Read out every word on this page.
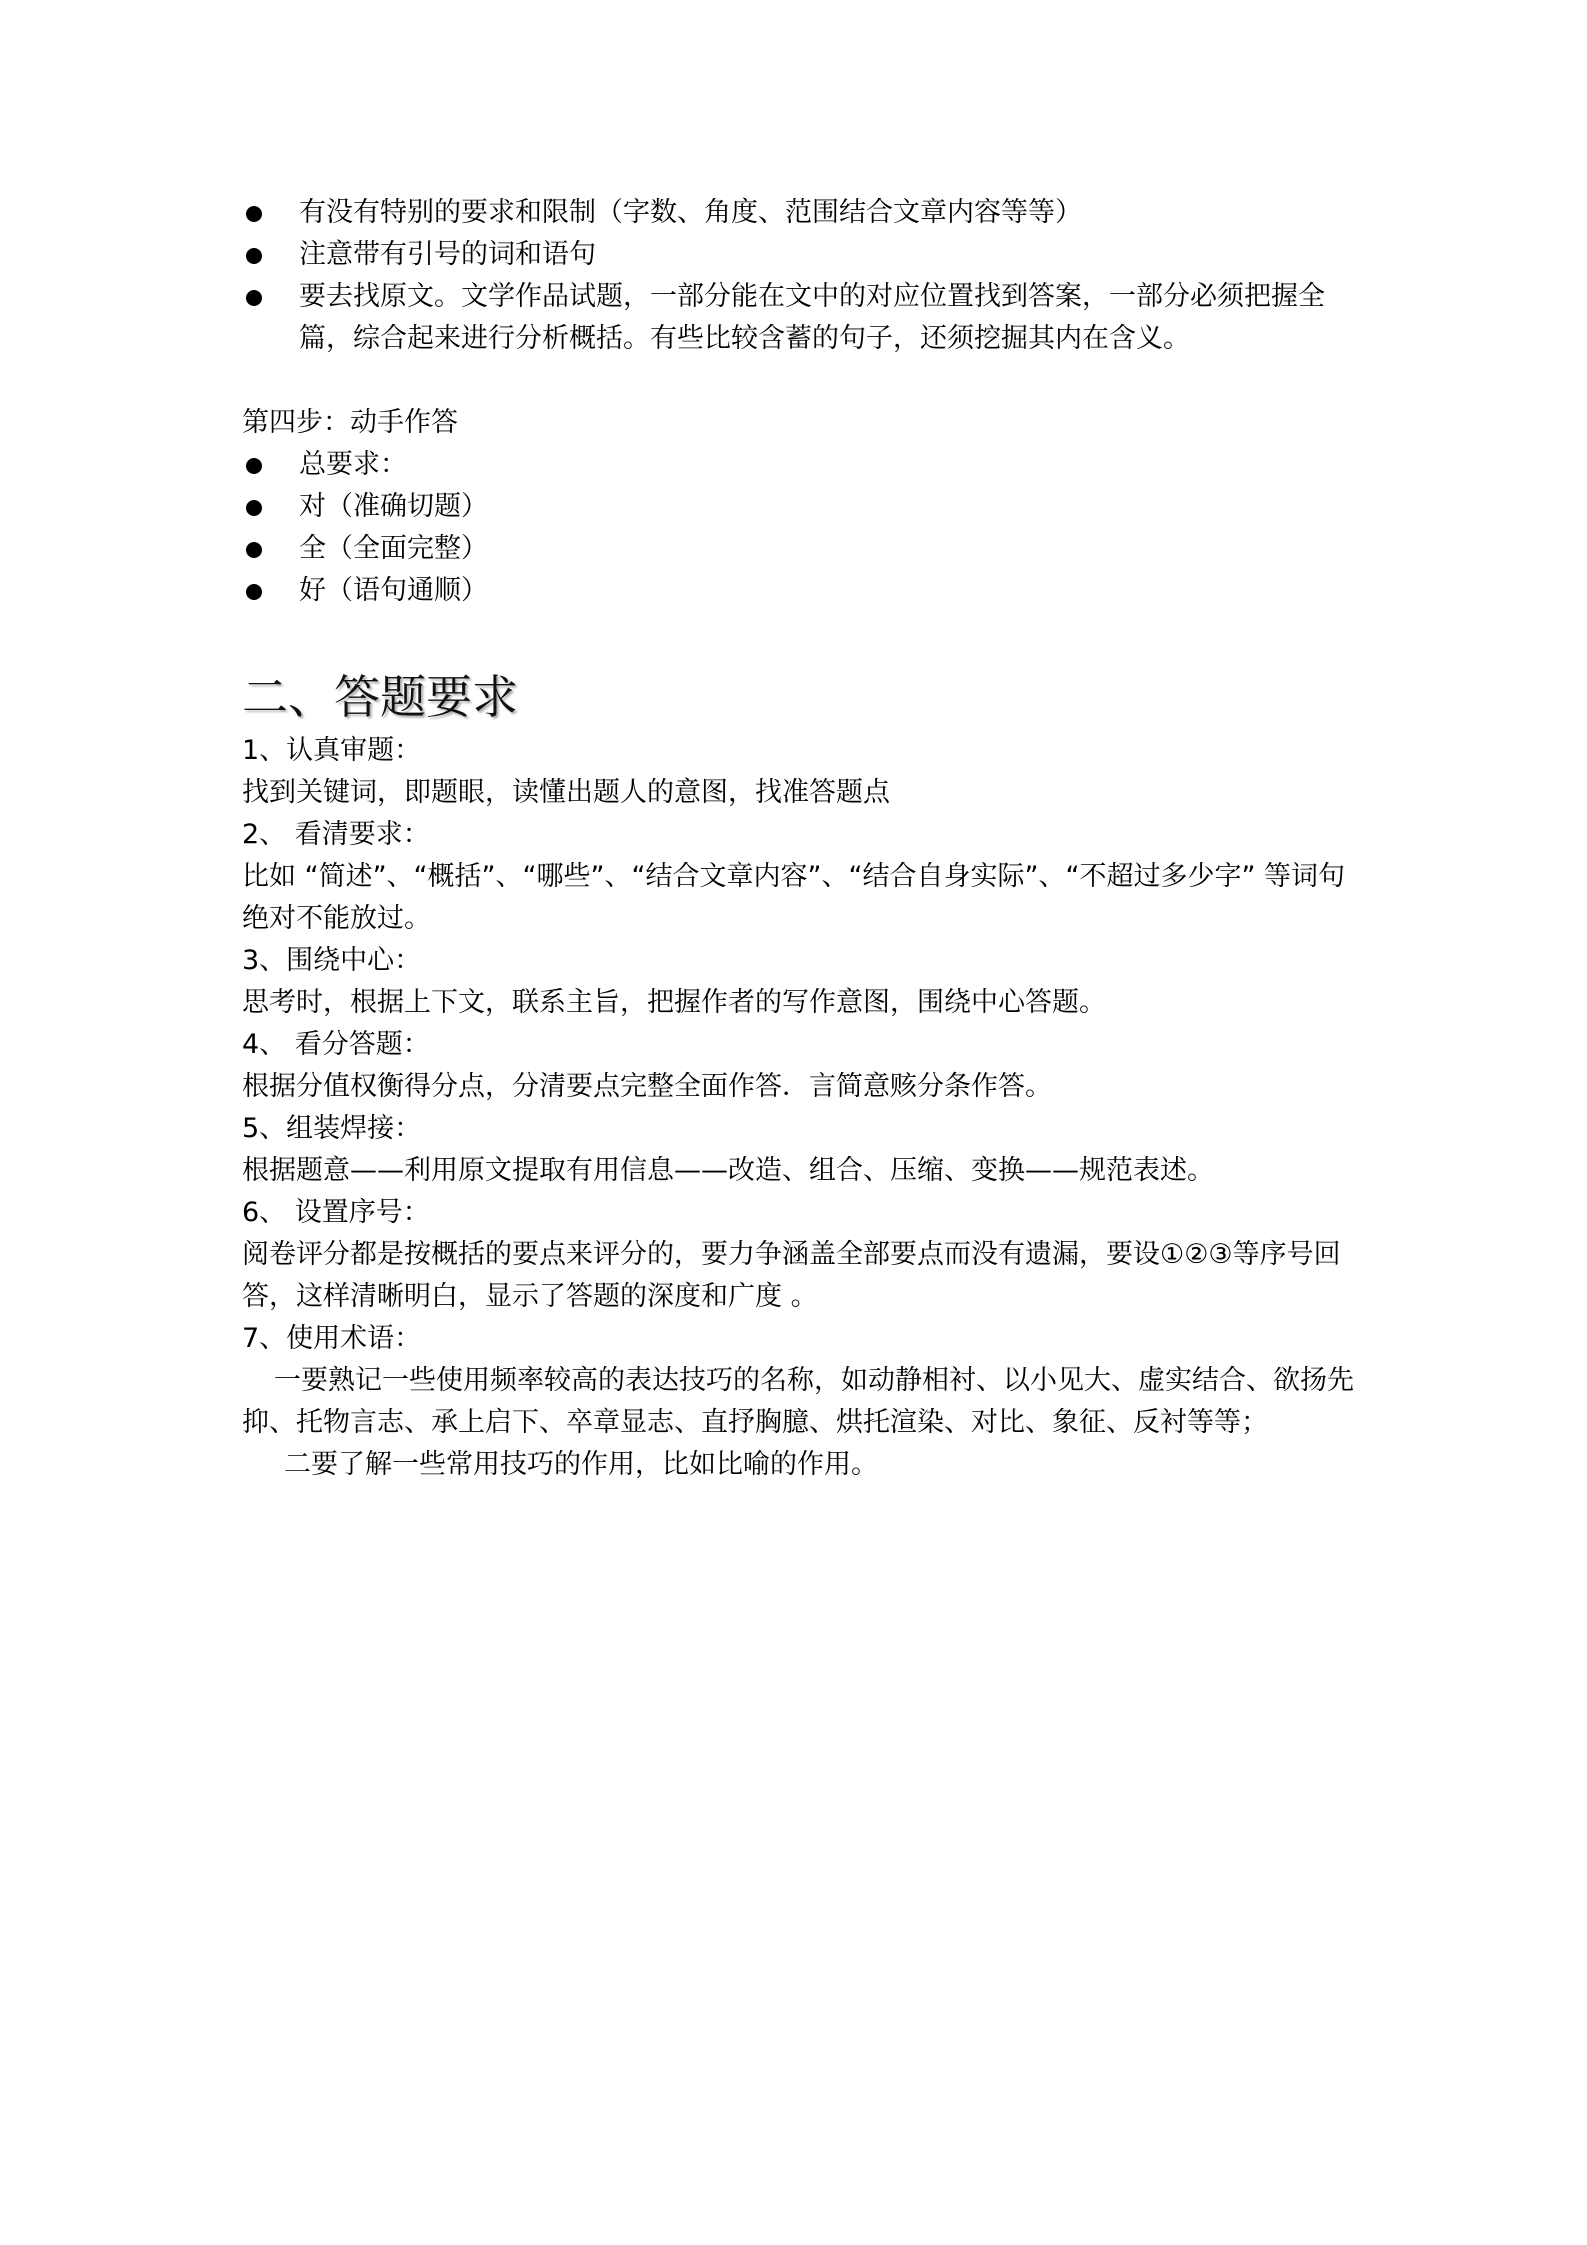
有没有特别的要求和限制（字数、角度、范围结合文章内容等等）
注意带有引号的词和语句
要去找原文。文学作品试题，一部分能在文中的对应位置找到答案，一部分必须把握全篇，综合起来进行分析概括。有些比较含蓄的句子，还须挖掘其内在含义。

第四步：动手作答

总要求：
对（准确切题）
全（全面完整）
好（语句通顺）
二、答题要求

1、认真审题：

找到关键词，即题眼，读懂出题人的意图，找准答题点

2、 看清要求：

比如 “简述”、“概括”、“哪些”、“结合文章内容”、“结合自身实际”、“不超过多少字” 等词句绝对不能放过。

3、围绕中心：

思考时，根据上下文，联系主旨，把握作者的写作意图，围绕中心答题。

4、 看分答题：

根据分值权衡得分点，分清要点完整全面作答．言简意赅分条作答。

5、组装焊接：

根据题意——利用原文提取有用信息——改造、组合、压缩、变换——规范表述。

6、 设置序号：

阅卷评分都是按概括的要点来评分的，要力争涵盖全部要点而没有遗漏，要设①②③等序号回答，这样清晰明白，显示了答题的深度和广度 。

7、使用术语：

一要熟记一些使用频率较高的表达技巧的名称，如动静相衬、以小见大、虚实结合、欲扬先抑、托物言志、承上启下、卒章显志、直抒胸臆、烘托渲染、对比、象征、反衬等等；

二要了解一些常用技巧的作用，比如比喻的作用。
